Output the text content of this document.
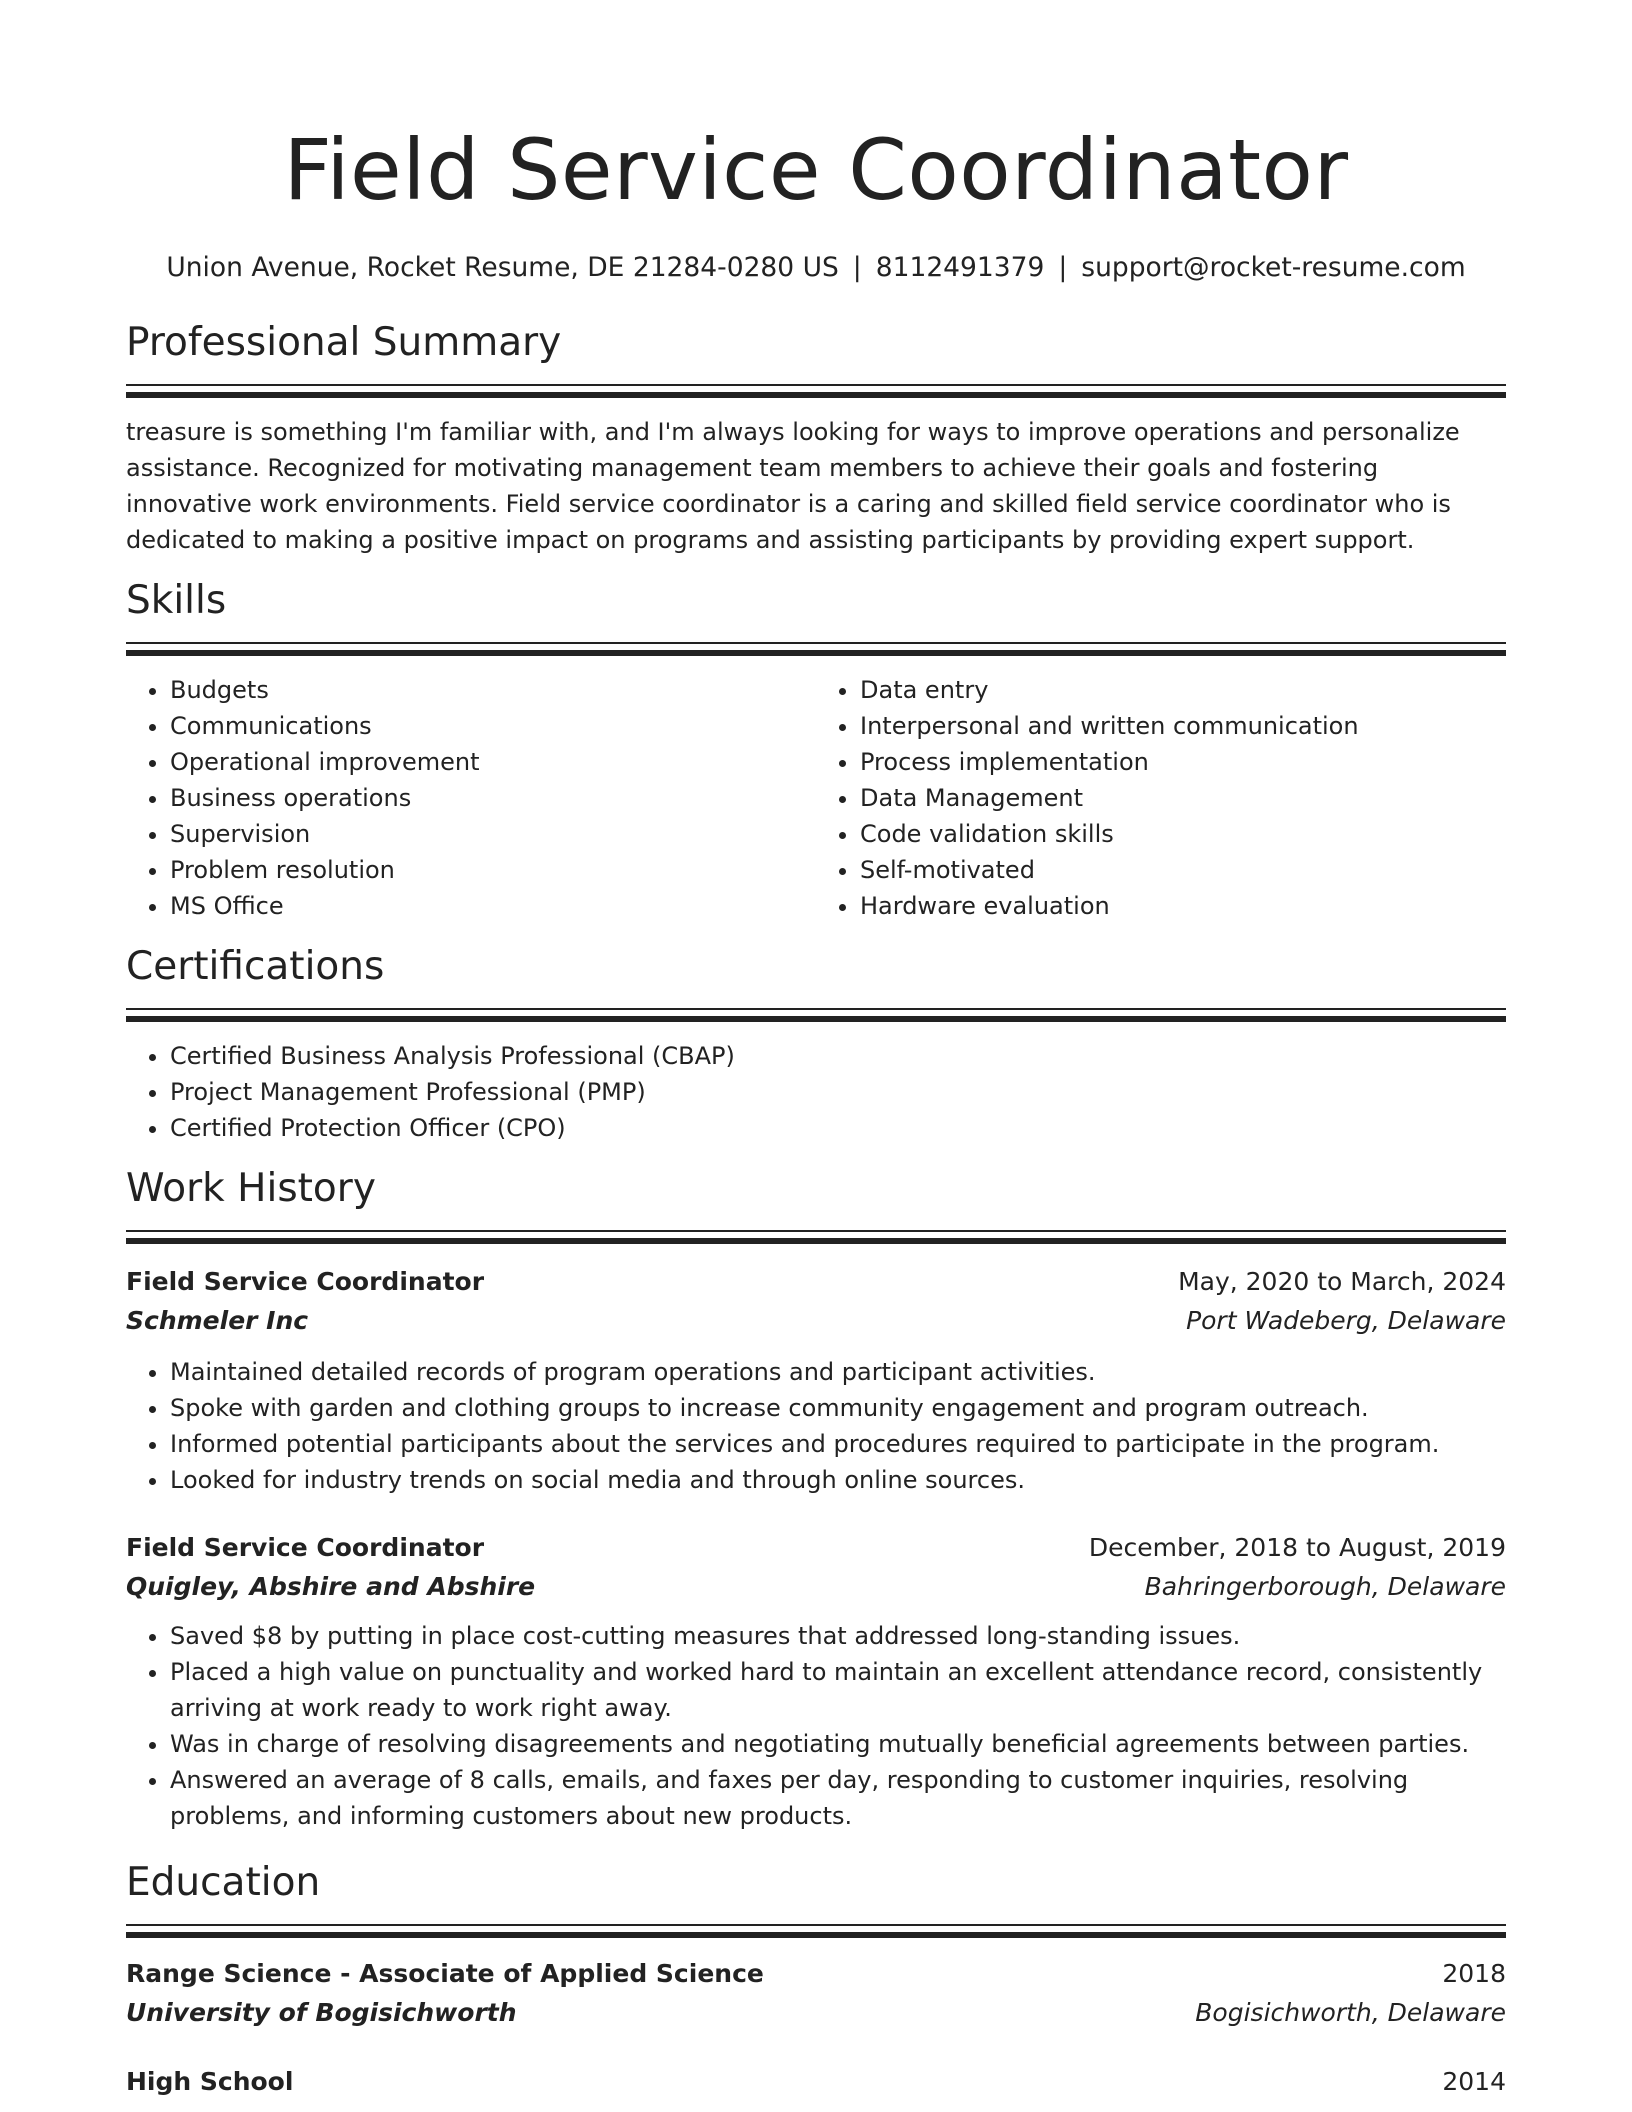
Field Service Coordinator
Union Avenue, Rocket Resume, DE 21284-0280 US | 8112491379 | support@rocket-resume.com
Professional Summary

treasure is something I'm familiar with, and I'm always looking for ways to improve operations and personalize assistance. Recognized for motivating management team members to achieve their goals and fostering innovative work environments. Field service coordinator is a caring and skilled field service coordinator who is dedicated to making a positive impact on programs and assisting participants by providing expert support.

Skills
• Budgets
• Communications
• Operational improvement
• Business operations
• Supervision
• Problem resolution
• MS Office
• Data entry
• Interpersonal and written communication
• Process implementation
• Data Management
• Code validation skills
• Self-motivated
• Hardware evaluation
Certifications
• Certified Business Analysis Professional (CBAP)
• Project Management Professional (PMP)
• Certified Protection Officer (CPO)
Work History
Field Service Coordinator	May, 2020 to March, 2024
Schmeler Inc	Port Wadeberg, Delaware
• Maintained detailed records of program operations and participant activities.
• Spoke with garden and clothing groups to increase community engagement and program outreach.
• Informed potential participants about the services and procedures required to participate in the program.
• Looked for industry trends on social media and through online sources.
Field Service Coordinator	December, 2018 to August, 2019
Quigley, Abshire and Abshire	Bahringerborough, Delaware
• Saved $8 by putting in place cost-cutting measures that addressed long-standing issues.
• Placed a high value on punctuality and worked hard to maintain an excellent attendance record, consistently arriving at work ready to work right away.
• Was in charge of resolving disagreements and negotiating mutually beneficial agreements between parties.
• Answered an average of 8 calls, emails, and faxes per day, responding to customer inquiries, resolving problems, and informing customers about new products.
Education
Range Science - Associate of Applied Science	2018
University of Bogisichworth	Bogisichworth, Delaware
High School	2014
